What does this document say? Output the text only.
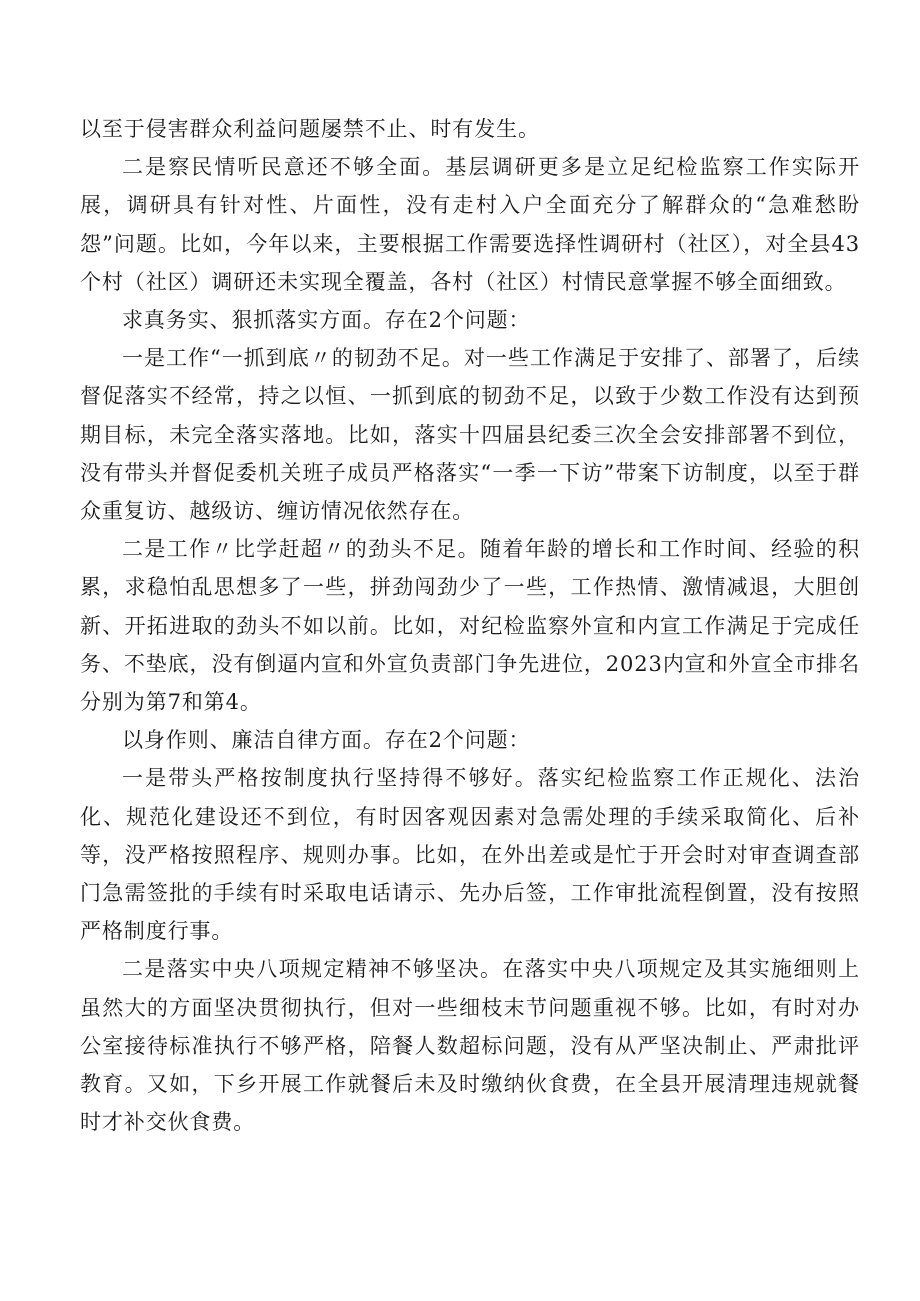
以至于侵害群众利益问题屡禁不止、时有发生。

二是察民情听民意还不够全面。基层调研更多是立足纪检监察工作实际开展，调研具有针对性、片面性，没有走村入户全面充分了解群众的“急难愁盼怨”问题。比如，今年以来，主要根据工作需要选择性调研村（社区），对全县43个村（社区）调研还未实现全覆盖，各村（社区）村情民意掌握不够全面细致。

求真务实、狠抓落实方面。存在2个问题：

一是工作“一抓到底〃的韧劲不足。对一些工作满足于安排了、部署了，后续督促落实不经常，持之以恒、一抓到底的韧劲不足，以致于少数工作没有达到预期目标，未完全落实落地。比如，落实十四届县纪委三次全会安排部署不到位，没有带头并督促委机关班子成员严格落实“一季一下访”带案下访制度，以至于群众重复访、越级访、缠访情况依然存在。

二是工作〃比学赶超〃的劲头不足。随着年龄的增长和工作时间、经验的积累，求稳怕乱思想多了一些，拼劲闯劲少了一些，工作热情、激情减退，大胆创新、开拓进取的劲头不如以前。比如，对纪检监察外宣和内宣工作满足于完成任务、不垫底，没有倒逼内宣和外宣负责部门争先进位，2023内宣和外宣全市排名分别为第7和第4。

以身作则、廉洁自律方面。存在2个问题：

一是带头严格按制度执行坚持得不够好。落实纪检监察工作正规化、法治化、规范化建设还不到位，有时因客观因素对急需处理的手续采取简化、后补等，没严格按照程序、规则办事。比如，在外出差或是忙于开会时对审查调查部门急需签批的手续有时采取电话请示、先办后签，工作审批流程倒置，没有按照严格制度行事。

二是落实中央八项规定精神不够坚决。在落实中央八项规定及其实施细则上虽然大的方面坚决贯彻执行，但对一些细枝末节问题重视不够。比如，有时对办公室接待标准执行不够严格，陪餐人数超标问题，没有从严坚决制止、严肃批评教育。又如，下乡开展工作就餐后未及时缴纳伙食费，在全县开展清理违规就餐时才补交伙食费。
